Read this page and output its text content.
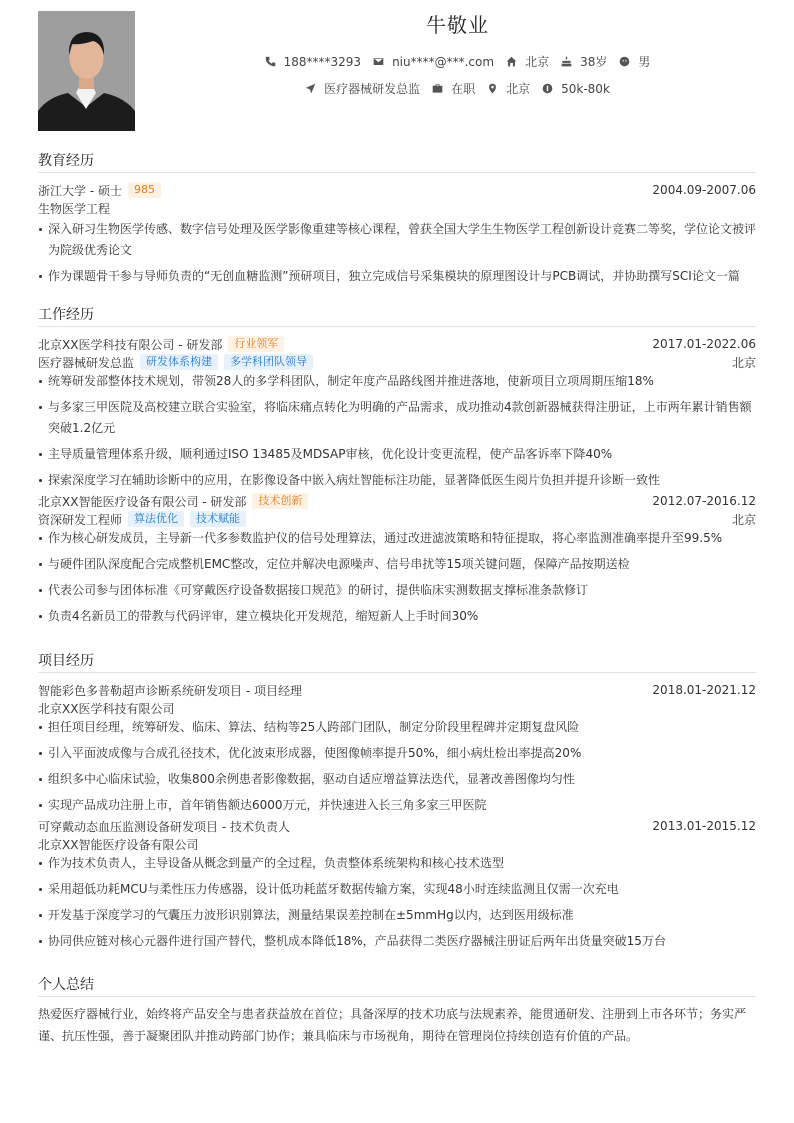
牛敬业
188****3293	niu****@***.com	北京	38岁	男
医疗器械研发总监	在职	北京	50k-80k
教育经历
浙江大学 - 硕士	985	2004.09-2007.06
生物医学工程
深入研习生物医学传感、数字信号处理及医学影像重建等核心课程，曾获全国大学生生物医学工程创新设计竞赛二等奖，学位论文被评为院级优秀论文
作为课题骨干参与导师负责的“无创血糖监测”预研项目，独立完成信号采集模块的原理图设计与PCB调试，并协助撰写SCI论文一篇
工作经历
北京XX医学科技有限公司 - 研发部	行业领军	2017.01-2022.06
医疗器械研发总监	研发体系构建	多学科团队领导	北京
统筹研发部整体技术规划，带领28人的多学科团队，制定年度产品路线图并推进落地，使新项目立项周期压缩18%
与多家三甲医院及高校建立联合实验室，将临床痛点转化为明确的产品需求，成功推动4款创新器械获得注册证，上市两年累计销售额突破1.2亿元
主导质量管理体系升级，顺利通过ISO 13485及MDSAP审核，优化设计变更流程，使产品客诉率下降40%
探索深度学习在辅助诊断中的应用，在影像设备中嵌入病灶智能标注功能，显著降低医生阅片负担并提升诊断一致性
北京XX智能医疗设备有限公司 - 研发部	技术创新	2012.07-2016.12
资深研发工程师	算法优化	技术赋能	北京
作为核心研发成员，主导新一代多参数监护仪的信号处理算法，通过改进滤波策略和特征提取，将心率监测准确率提升至99.5%
与硬件团队深度配合完成整机EMC整改，定位并解决电源噪声、信号串扰等15项关键问题，保障产品按期送检
代表公司参与团体标准《可穿戴医疗设备数据接口规范》的研讨，提供临床实测数据支撑标准条款修订
负责4名新员工的带教与代码评审，建立模块化开发规范，缩短新人上手时间30%
项目经历
智能彩色多普勒超声诊断系统研发项目 - 项目经理	2018.01-2021.12
北京XX医学科技有限公司
担任项目经理，统筹研发、临床、算法、结构等25人跨部门团队，制定分阶段里程碑并定期复盘风险
引入平面波成像与合成孔径技术，优化波束形成器，使图像帧率提升50%，细小病灶检出率提高20%
组织多中心临床试验，收集800余例患者影像数据，驱动自适应增益算法迭代，显著改善图像均匀性
实现产品成功注册上市，首年销售额达6000万元，并快速进入长三角多家三甲医院
可穿戴动态血压监测设备研发项目 - 技术负责人	2013.01-2015.12
北京XX智能医疗设备有限公司
作为技术负责人，主导设备从概念到量产的全过程，负责整体系统架构和核心技术选型
采用超低功耗MCU与柔性压力传感器，设计低功耗蓝牙数据传输方案，实现48小时连续监测且仅需一次充电
开发基于深度学习的气囊压力波形识别算法，测量结果误差控制在±5mmHg以内，达到医用级标准
协同供应链对核心元器件进行国产替代，整机成本降低18%，产品获得二类医疗器械注册证后两年出货量突破15万台
个人总结
热爱医疗器械行业，始终将产品安全与患者获益放在首位；具备深厚的技术功底与法规素养，能贯通研发、注册到上市各环节；务实严谨、抗压性强，善于凝聚团队并推动跨部门协作；兼具临床与市场视角，期待在管理岗位持续创造有价值的产品。
